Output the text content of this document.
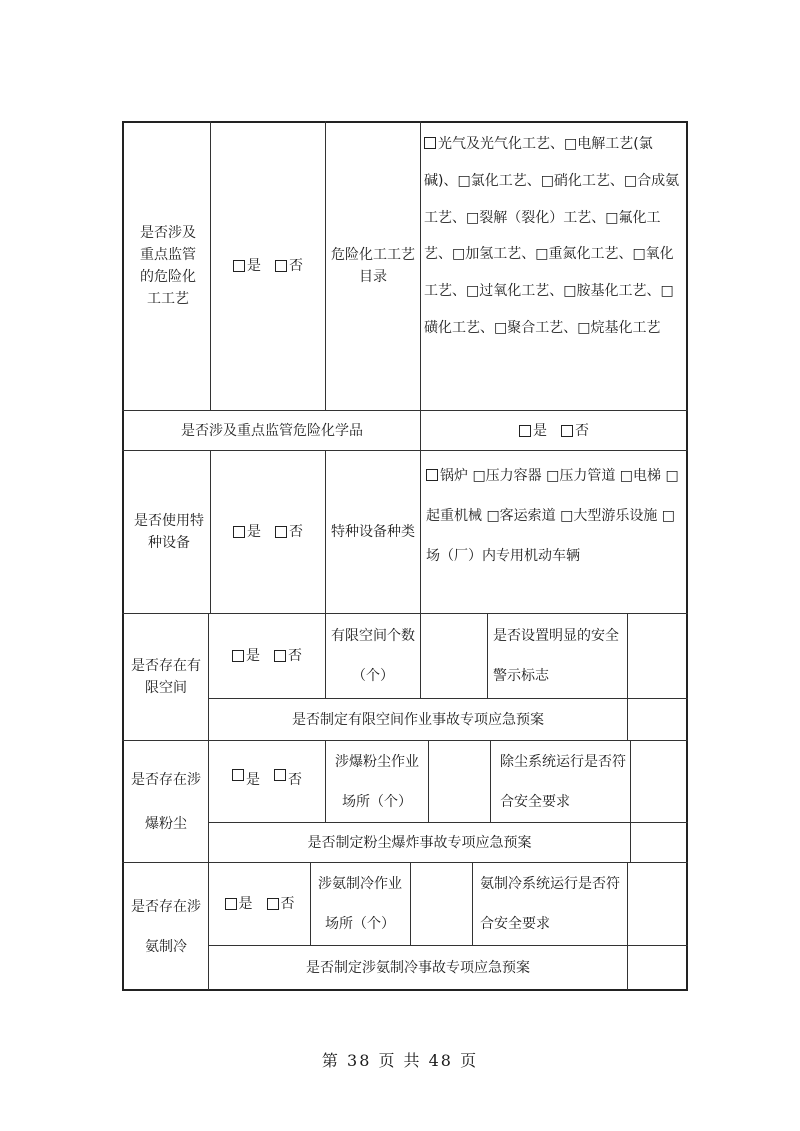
是否涉及重点监管的危险化工工艺
是 否
危险化工工艺目录
光气及光气化工艺、□电解工艺(氯碱)、□氯化工艺、□硝化工艺、□合成氨工艺、□裂解（裂化）工艺、□氟化工艺、□加氢工艺、□重氮化工艺、□氧化工艺、□过氧化工艺、□胺基化工艺、□磺化工艺、□聚合工艺、□烷基化工艺
是否涉及重点监管危险化学品	是 否
是否使用特种设备
是 否 特种设备种类
锅炉 □压力容器 □压力管道 □电梯 □起重机械 □客运索道 □大型游乐设施 □场（厂）内专用机动车辆
是否存在有限空间
是 否
有限空间个数（个）
是否设置明显的安全警示标志
是否制定有限空间作业事故专项应急预案
是否存在涉爆粉尘
是 否
涉爆粉尘作业场所（个）
除尘系统运行是否符合安全要求
是否制定粉尘爆炸事故专项应急预案
是否存在涉氨制冷
是 否
涉氨制冷作业场所（个）
氨制冷系统运行是否符合安全要求
是否制定涉氨制冷事故专项应急预案
第 38 页 共 48 页
